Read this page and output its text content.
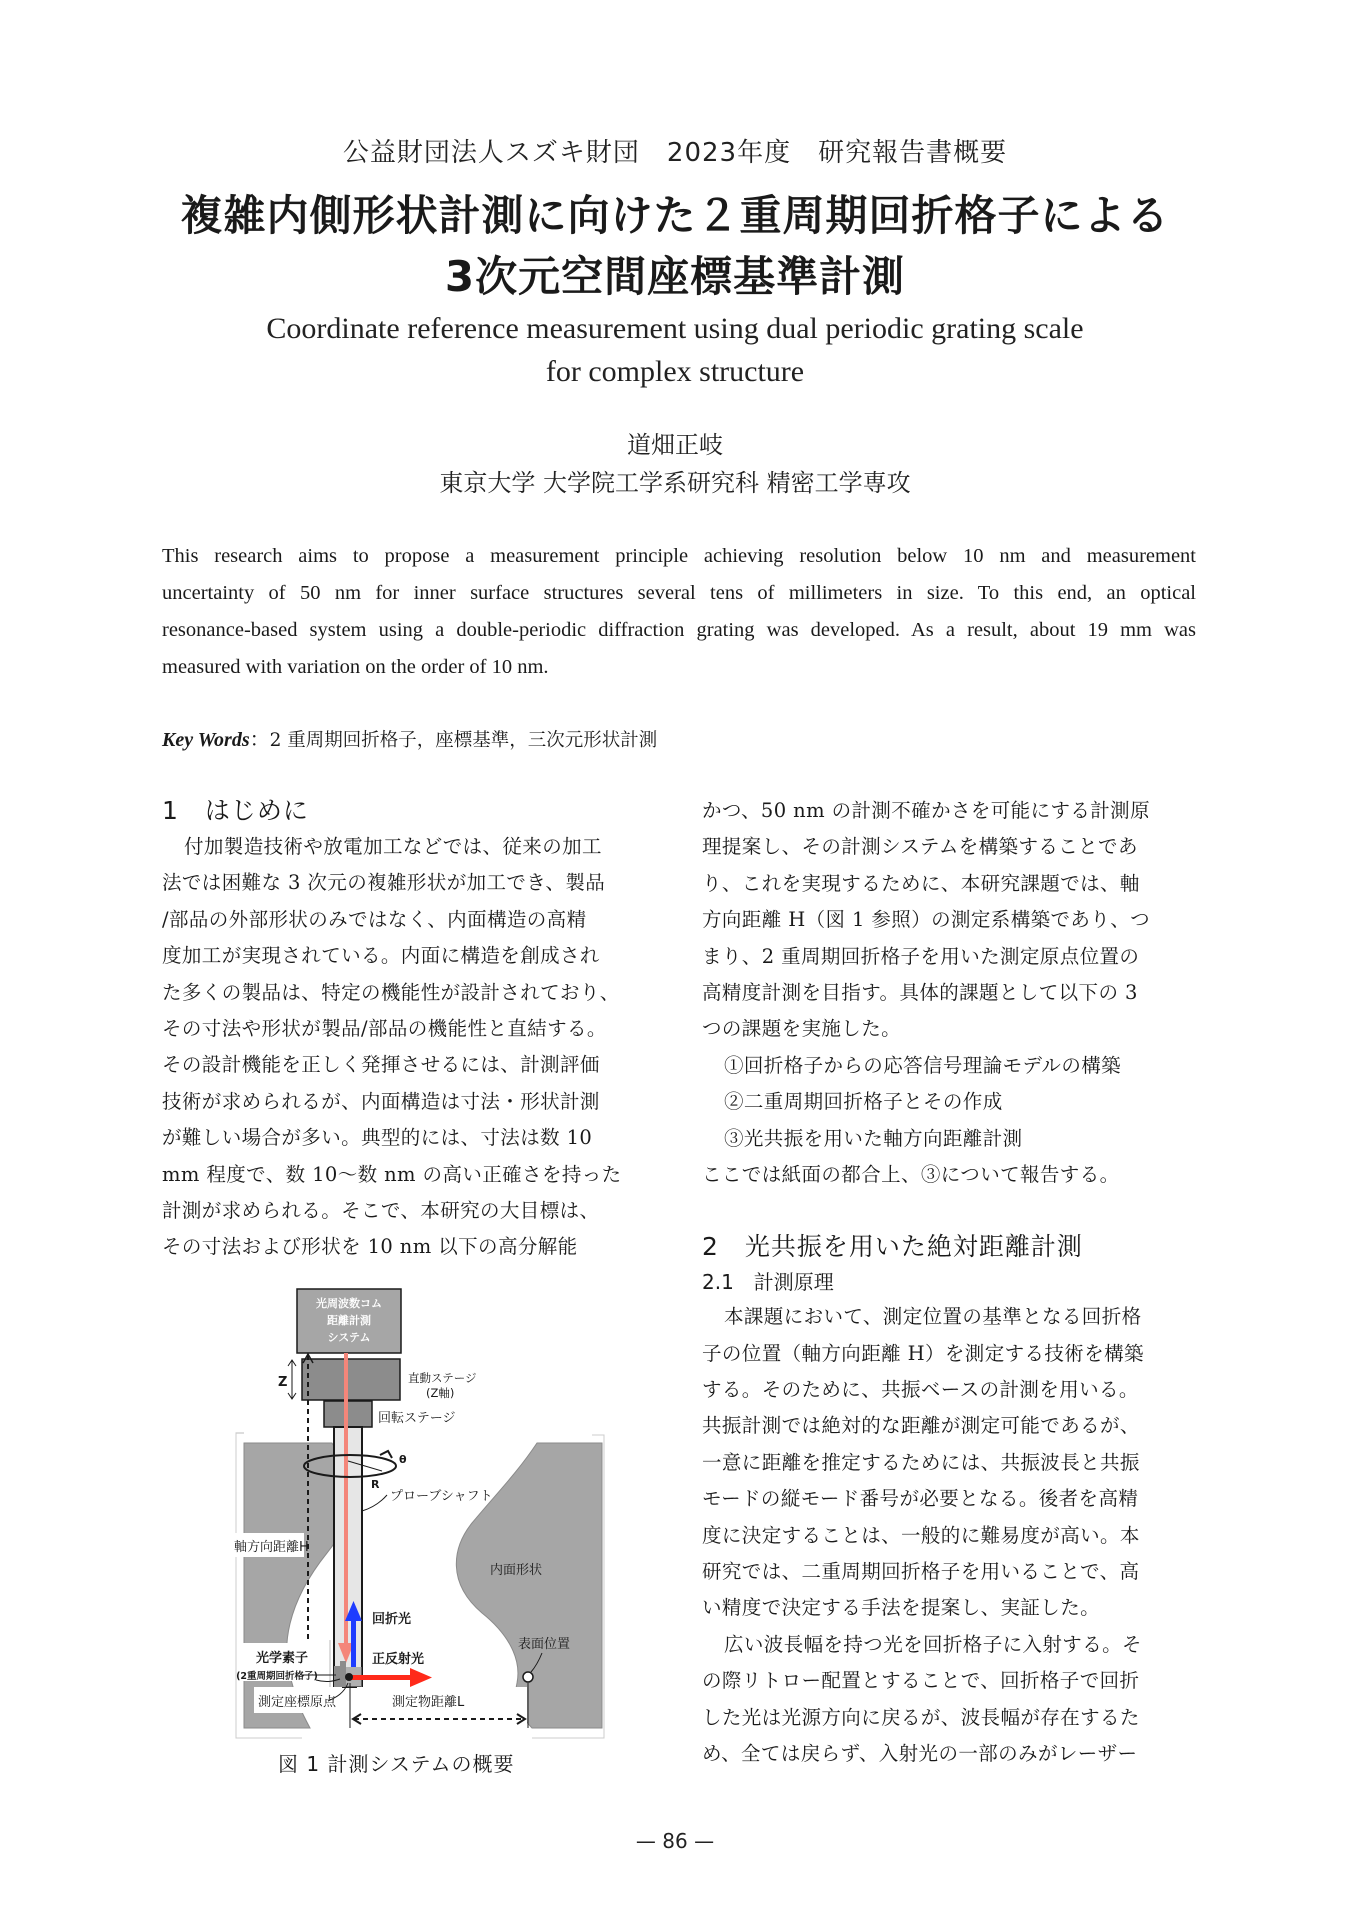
公益財団法人スズキ財団　2023年度　研究報告書概要
複雑内側形状計測に向けた２重周期回折格子による
3次元空間座標基準計測
Coordinate reference measurement using dual periodic grating scale
for complex structure
道畑正岐
東京大学 大学院工学系研究科 精密工学専攻
This research aims to propose a measurement principle achieving resolution below 10 nm and measurement
uncertainty of 50 nm for inner surface structures several tens of millimeters in size. To this end, an optical
resonance-based system using a double-periodic diffraction grating was developed. As a result, about 19 mm was
measured with variation on the order of 10 nm.
Key Words：2 重周期回折格子，座標基準，三次元形状計測
1　はじめに
付加製造技術や放電加工などでは、従来の加工
法では困難な 3 次元の複雑形状が加工でき、製品
/部品の外部形状のみではなく、内面構造の高精
度加工が実現されている。内面に構造を創成され
た多くの製品は、特定の機能性が設計されており、
その寸法や形状が製品/部品の機能性と直結する。
その設計機能を正しく発揮させるには、計測評価
技術が求められるが、内面構造は寸法・形状計測
が難しい場合が多い。典型的には、寸法は数 10
mm 程度で、数 10～数 nm の高い正確さを持った
計測が求められる。そこで、本研究の大目標は、
その寸法および形状を 10 nm 以下の高分解能
光周波数コム
距離計測
システム
Z	直動ステージ
(Z軸)
回転ステージ
θ
R
プローブシャフト
軸方向距離H
内面形状
回折光
正反射光
光学素子
(2重周期回折格子)
表面位置
測定座標原点	測定物距離L
図 1 計測システムの概要
かつ、50 nm の計測不確かさを可能にする計測原
理提案し、その計測システムを構築することであ
り、これを実現するために、本研究課題では、軸
方向距離 H（図 1 参照）の測定系構築であり、つ
まり、2 重周期回折格子を用いた測定原点位置の
高精度計測を目指す。具体的課題として以下の 3
つの課題を実施した。
①回折格子からの応答信号理論モデルの構築
②二重周期回折格子とその作成
③光共振を用いた軸方向距離計測
ここでは紙面の都合上、③について報告する。
2　光共振を用いた絶対距離計測
2.1　計測原理
本課題において、測定位置の基準となる回折格
子の位置（軸方向距離 H）を測定する技術を構築
する。そのために、共振ベースの計測を用いる。
共振計測では絶対的な距離が測定可能であるが、
一意に距離を推定するためには、共振波長と共振
モードの縦モード番号が必要となる。後者を高精
度に決定することは、一般的に難易度が高い。本
研究では、二重周期回折格子を用いることで、高
い精度で決定する手法を提案し、実証した。
広い波長幅を持つ光を回折格子に入射する。そ
の際リトロー配置とすることで、回折格子で回折
した光は光源方向に戻るが、波長幅が存在するた
め、全ては戻らず、入射光の一部のみがレーザー
— 86 —
